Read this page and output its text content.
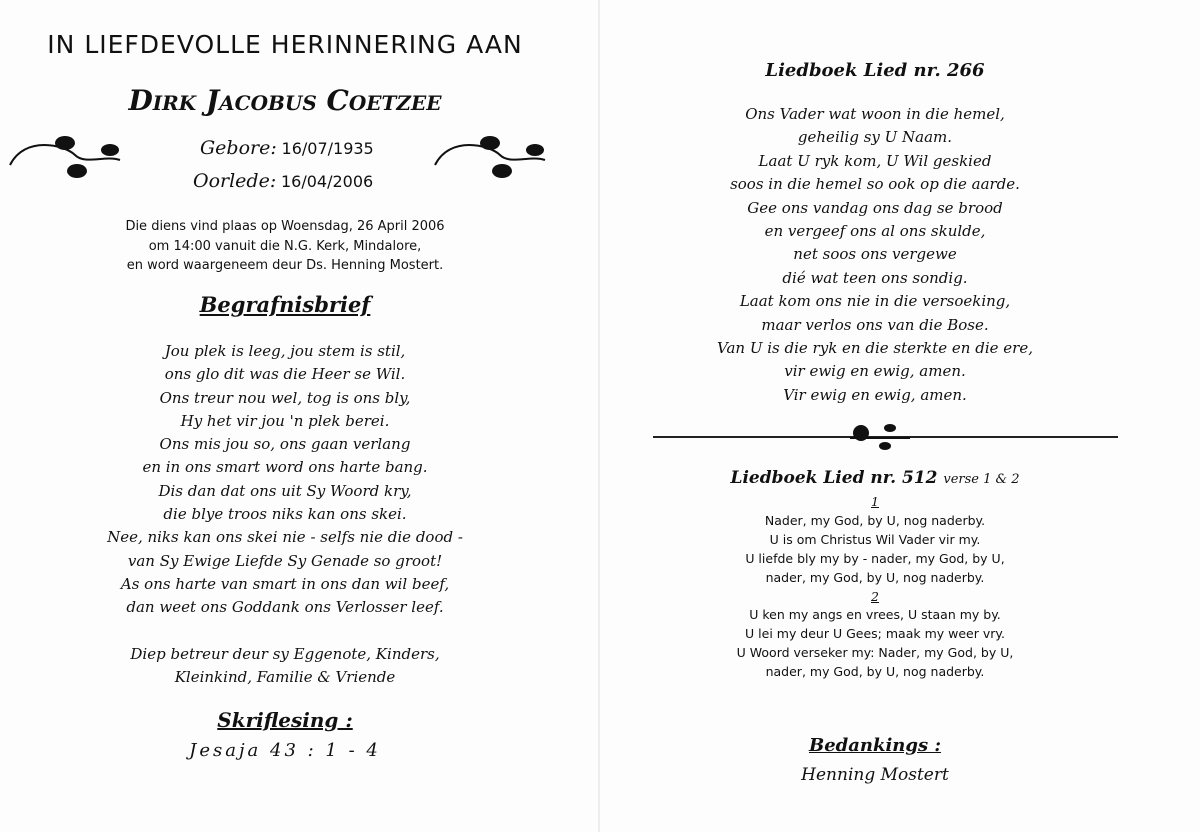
IN LIEFDEVOLLE HERINNERING AAN
Dirk Jacobus Coetzee
Gebore: 16/07/1935
Oorlede: 16/04/2006
Die diens vind plaas op Woensdag, 26 April 2006
om 14:00 vanuit die N.G. Kerk, Mindalore,
en word waargeneem deur Ds. Henning Mostert.
Begrafnisbrief
Jou plek is leeg, jou stem is stil,
ons glo dit was die Heer se Wil.
Ons treur nou wel, tog is ons bly,
Hy het vir jou 'n plek berei.
Ons mis jou so, ons gaan verlang
en in ons smart word ons harte bang.
Dis dan dat ons uit Sy Woord kry,
die blye troos niks kan ons skei.
Nee, niks kan ons skei nie - selfs nie die dood -
van Sy Ewige Liefde Sy Genade so groot!
As ons harte van smart in ons dan wil beef,
dan weet ons Goddank ons Verlosser leef.
Diep betreur deur sy Eggenote, Kinders,
Kleinkind, Familie & Vriende
Skriflesing :
Jesaja 43 : 1 - 4
Liedboek Lied nr. 266
Ons Vader wat woon in die hemel,
geheilig sy U Naam.
Laat U ryk kom, U Wil geskied
soos in die hemel so ook op die aarde.
Gee ons vandag ons dag se brood
en vergeef ons al ons skulde,
net soos ons vergewe
dié wat teen ons sondig.
Laat kom ons nie in die versoeking,
maar verlos ons van die Bose.
Van U is die ryk en die sterkte en die ere,
vir ewig en ewig, amen.
Vir ewig en ewig, amen.
Liedboek Lied nr. 512 verse 1 & 2
1
Nader, my God, by U, nog naderby.
U is om Christus Wil Vader vir my.
U liefde bly my by - nader, my God, by U,
nader, my God, by U, nog naderby.
2
U ken my angs en vrees, U staan my by.
U lei my deur U Gees; maak my weer vry.
U Woord verseker my: Nader, my God, by U,
nader, my God, by U, nog naderby.
Bedankings :
Henning Mostert
